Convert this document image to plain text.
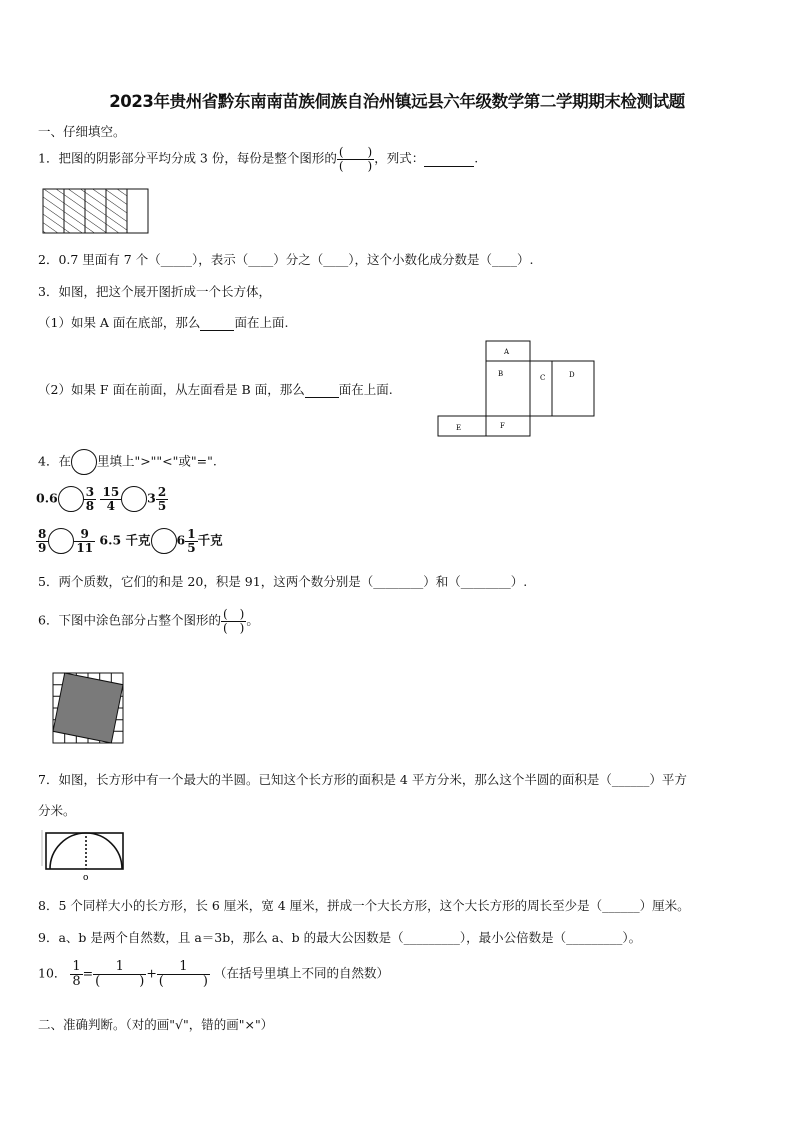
2023年贵州省黔东南南苗族侗族自治州镇远县六年级数学第二学期期末检测试题
一、仔细填空。
1．把图的阴影部分平均分成 3 份，每份是整个图形的 $\frac{( )}{( )}$ ，列式：	.
2．0.7 里面有 7 个（_____），表示（____）分之（____），这个小数化成分数是（____）.
3．如图，把这个展开图折成一个长方体，
（1）如果 A 面在底部，那么	面在上面.
（2）如果 F 面在前面，从左面看是 B 面，那么	面在上面.
A
B	C	D
E	F
4．在 里填上">""<"或"=".
$0.6 \frac{3}{8}$
$\frac{15}{4} 3 \frac{2}{5}$
$\frac{8}{9} \frac{9}{11} 6.5$ 千克 $6 \frac{1}{5}$ 千克
5．两个质数，它们的和是 20，积是 91，这两个数分别是（________）和（________）.
6．下图中涂色部分占整个图形的 $\frac{( )}{( )}$ 。
7．如图，长方形中有一个最大的半圆。已知这个长方形的面积是 4 平方分米，那么这个半圆的面积是（______）平方
分米。
o
8．5 个同样大小的长方形，长 6 厘米，宽 4 厘米，拼成一个大长方形，这个大长方形的周长至少是（______）厘米。
9．a、b 是两个自然数，且 a＝3b，那么 a、b 的最大公因数是（_________），最小公倍数是（_________）。
10． $\frac{1}{8} = \frac{1}{( )} + \frac{1}{( )}$ （在括号里填上不同的自然数）
二、准确判断。（对的画"√"，错的画"×"）
